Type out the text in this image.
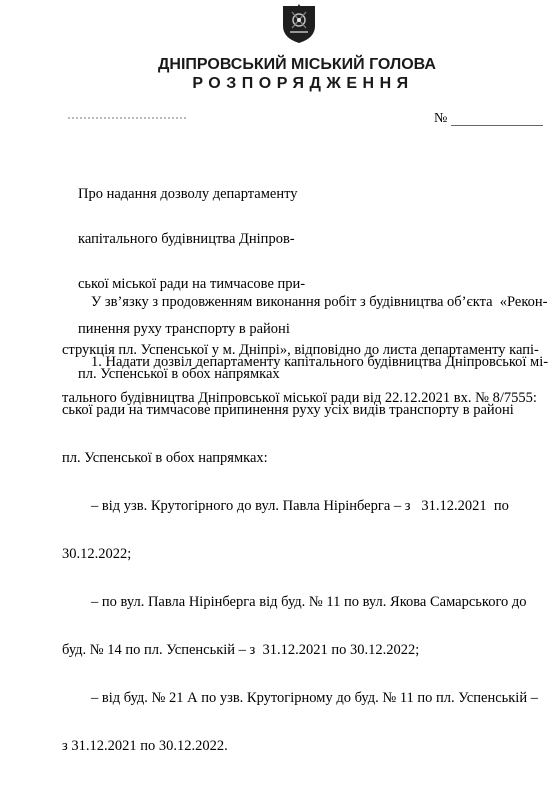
ДНІПРОВСЬКИЙ МІСЬКИЙ ГОЛОВА
РОЗПОРЯДЖЕННЯ
№

Про надання дозволу департаменту

капітального будівництва Дніпров-

ської міської ради на тимчасове при-

пинення руху транспорту в районі

пл. Успенської в обох напрямках

У зв’язку з продовженням виконання робіт з будівництва об’єкта  «Рекон-

струкція пл. Успенської у м. Дніпрі», відповідно до листа департаменту капі-

тального будівництва Дніпровської міської ради від 22.12.2021 вх. № 8/7555:

1. Надати дозвіл департаменту капітального будівництва Дніпровської мі-

ської ради на тимчасове припинення руху усіх видів транспорту в районі

пл. Успенської в обох напрямках:

– від узв. Крутогірного до вул. Павла Нірінберга – з   31.12.2021  по

30.12.2022;

– по вул. Павла Нірінберга від буд. № 11 по вул. Якова Самарського до

буд. № 14 по пл. Успенській – з  31.12.2021 по 30.12.2022;

– від буд. № 21 А по узв. Крутогірному до буд. № 11 по пл. Успенській –

з 31.12.2021 по 30.12.2022.
